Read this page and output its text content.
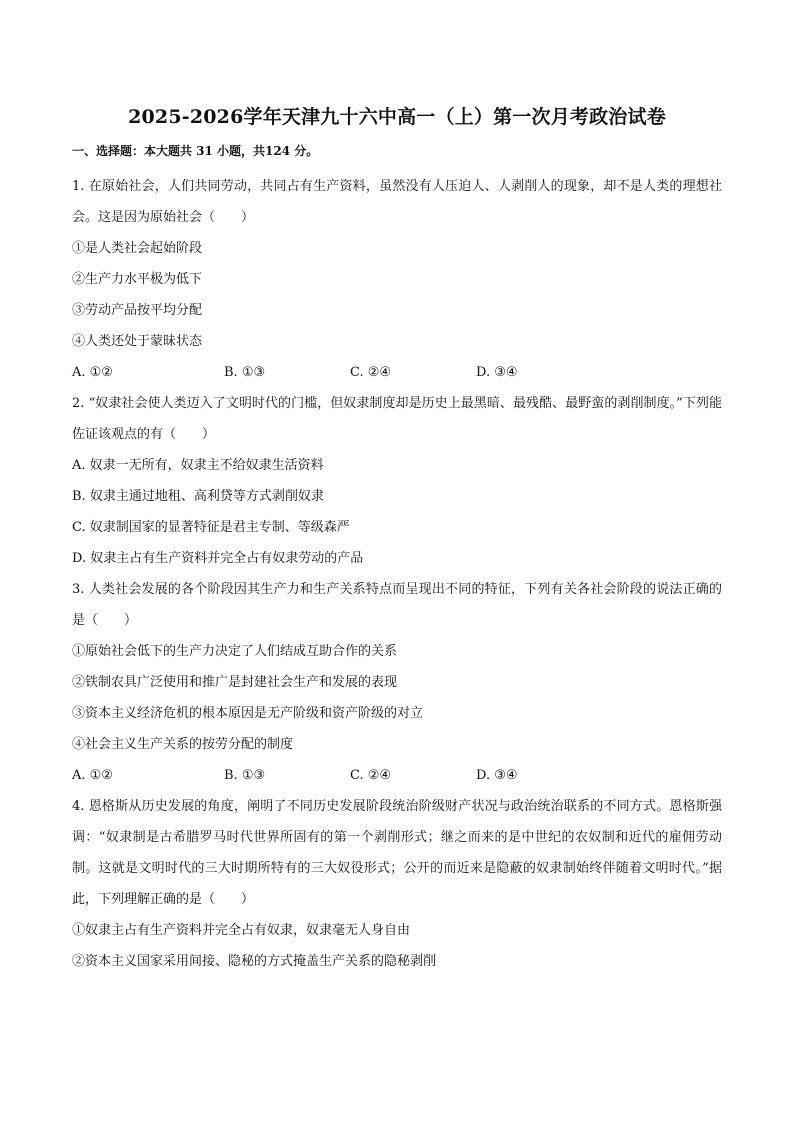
2025-2026学年天津九十六中高一（上）第一次月考政治试卷

一、选择题：本大题共 31 小题，共124 分。

1. 在原始社会，人们共同劳动，共同占有生产资料，虽然没有人压迫人、人剥削人的现象，却不是人类的理想社会。这是因为原始社会（　　）

①是人类社会起始阶段

②生产力水平极为低下

③劳动产品按平均分配

④人类还处于蒙昧状态

A. ①②	B. ①③	C. ②④	D. ③④

2. “奴隶社会使人类迈入了文明时代的门槛，但奴隶制度却是历史上最黑暗、最残酷、最野蛮的剥削制度。”下列能佐证该观点的有（　　）

A. 奴隶一无所有，奴隶主不给奴隶生活资料

B. 奴隶主通过地租、高利贷等方式剥削奴隶

C. 奴隶制国家的显著特征是君主专制、等级森严

D. 奴隶主占有生产资料并完全占有奴隶劳动的产品

3. 人类社会发展的各个阶段因其生产力和生产关系特点而呈现出不同的特征，下列有关各社会阶段的说法正确的是（　　）

①原始社会低下的生产力决定了人们结成互助合作的关系

②铁制农具广泛使用和推广是封建社会生产和发展的表现

③资本主义经济危机的根本原因是无产阶级和资产阶级的对立

④社会主义生产关系的按劳分配的制度

A. ①②	B. ①③	C. ②④	D. ③④

4. 恩格斯从历史发展的角度，阐明了不同历史发展阶段统治阶级财产状况与政治统治联系的不同方式。恩格斯强调：“奴隶制是古希腊罗马时代世界所固有的第一个剥削形式；继之而来的是中世纪的农奴制和近代的雇佣劳动制。这就是文明时代的三大时期所特有的三大奴役形式；公开的而近来是隐蔽的奴隶制始终伴随着文明时代。”据此，下列理解正确的是（　　）

①奴隶主占有生产资料并完全占有奴隶，奴隶毫无人身自由

②资本主义国家采用间接、隐秘的方式掩盖生产关系的隐秘剥削
